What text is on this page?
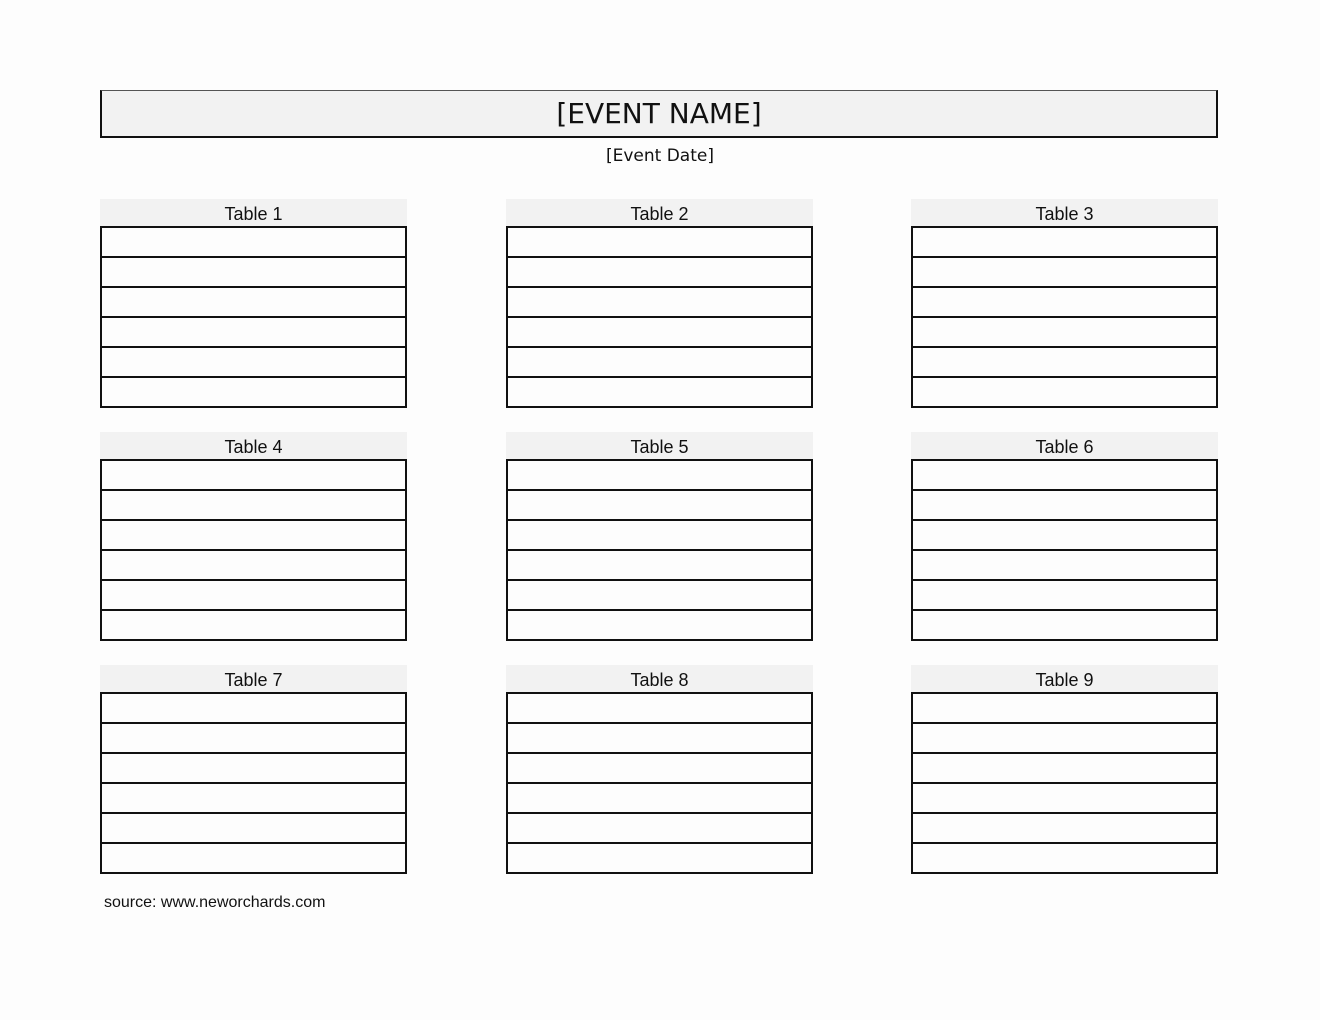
[EVENT NAME]
[Event Date]
Table 1	Table 2	Table 3
Table 4	Table 5	Table 6
Table 7	Table 8	Table 9
source: www.neworchards.com
